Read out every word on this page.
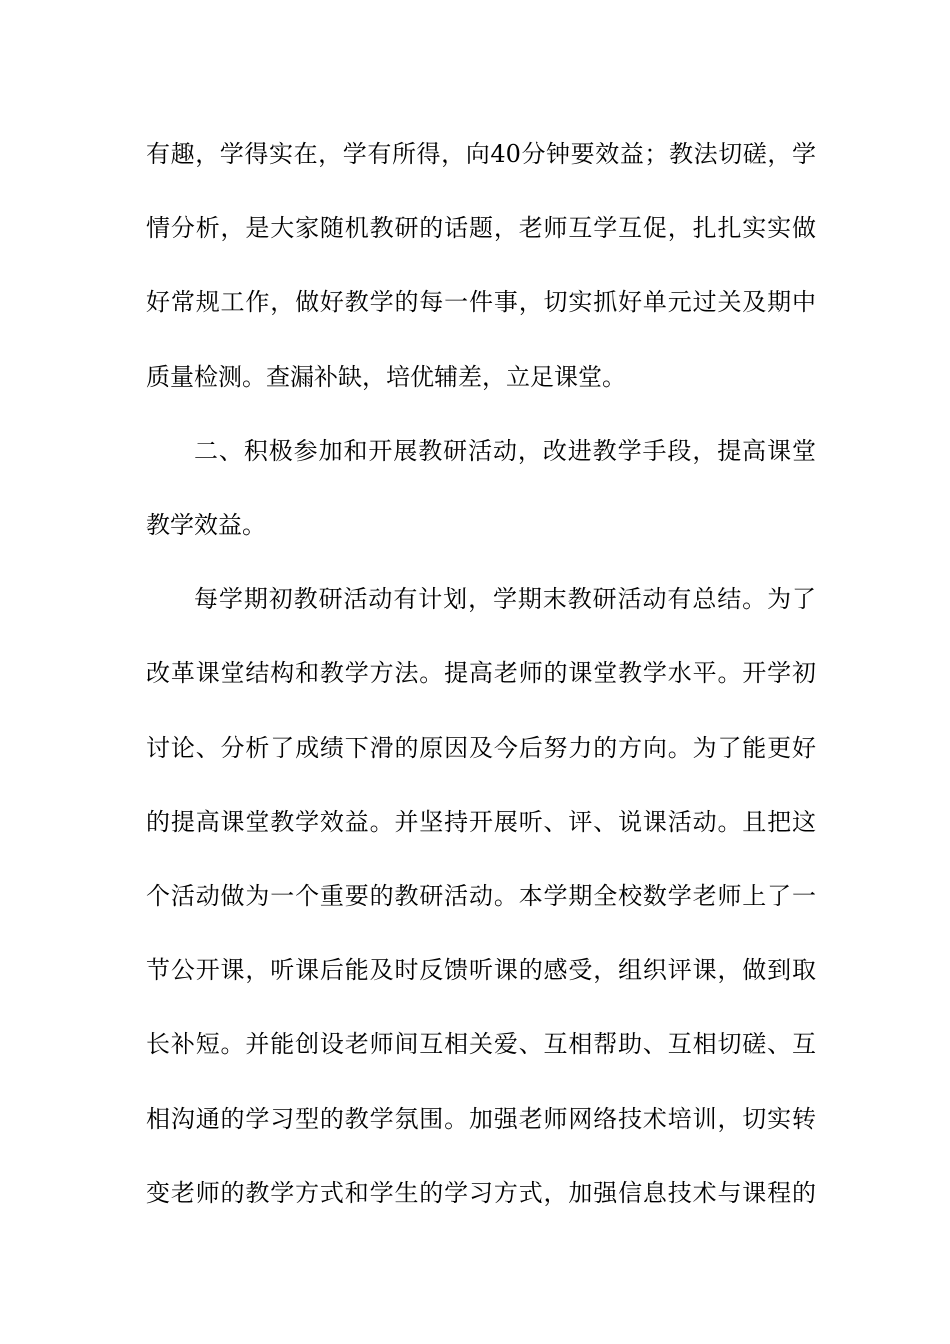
有趣，学得实在，学有所得，向40分钟要效益；教法切磋，学
情分析，是大家随机教研的话题，老师互学互促，扎扎实实做
好常规工作，做好教学的每一件事，切实抓好单元过关及期中
质量检测。查漏补缺，培优辅差，立足课堂。
二、积极参加和开展教研活动，改进教学手段，提高课堂
教学效益。
每学期初教研活动有计划，学期末教研活动有总结。为了
改革课堂结构和教学方法。提高老师的课堂教学水平。开学初
讨论、分析了成绩下滑的原因及今后努力的方向。为了能更好
的提高课堂教学效益。并坚持开展听、评、说课活动。且把这
个活动做为一个重要的教研活动。本学期全校数学老师上了一
节公开课，听课后能及时反馈听课的感受，组织评课，做到取
长补短。并能创设老师间互相关爱、互相帮助、互相切磋、互
相沟通的学习型的教学氛围。加强老师网络技术培训，切实转
变老师的教学方式和学生的学习方式，加强信息技术与课程的
